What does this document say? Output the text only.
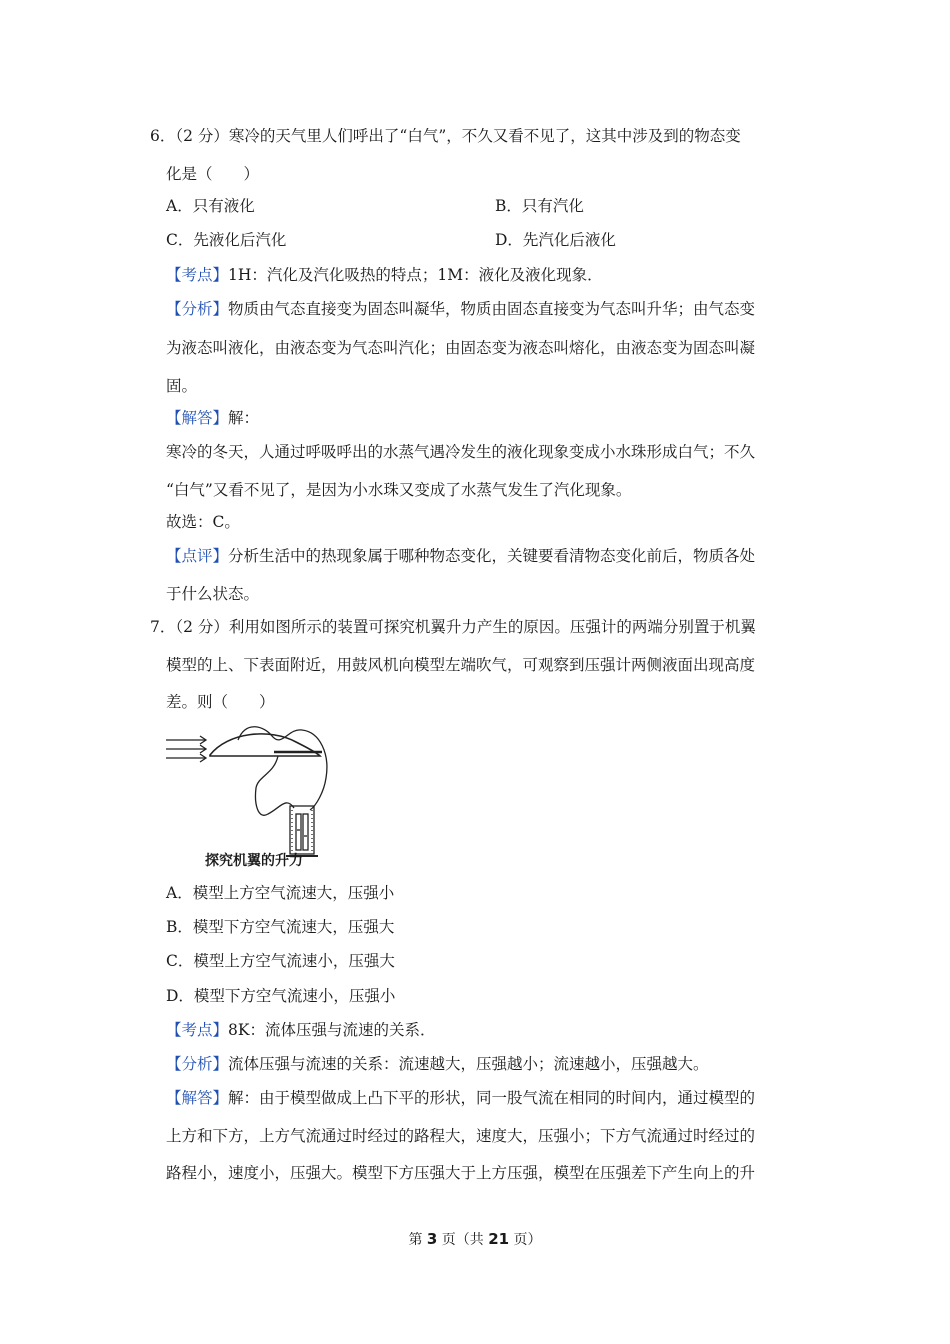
6．（2 分）寒冷的天气里人们呼出了“白气”，不久又看不见了，这其中涉及到的物态变
化是（　　）
A．只有液化	B．只有汽化
C．先液化后汽化	D．先汽化后液化
【考点】1H：汽化及汽化吸热的特点；1M：液化及液化现象．
【分析】物质由气态直接变为固态叫凝华，物质由固态直接变为气态叫升华；由气态变
为液态叫液化，由液态变为气态叫汽化；由固态变为液态叫熔化，由液态变为固态叫凝
固。
【解答】解：
寒冷的冬天，人通过呼吸呼出的水蒸气遇冷发生的液化现象变成小水珠形成白气；不久
“白气”又看不见了，是因为小水珠又变成了水蒸气发生了汽化现象。
故选：C。
【点评】分析生活中的热现象属于哪种物态变化，关键要看清物态变化前后，物质各处
于什么状态。
7．（2 分）利用如图所示的装置可探究机翼升力产生的原因。压强计的两端分别置于机翼
模型的上、下表面附近，用鼓风机向模型左端吹气，可观察到压强计两侧液面出现高度
差。则（　　）
探究机翼的升力
A．模型上方空气流速大，压强小
B．模型下方空气流速大，压强大
C．模型上方空气流速小，压强大
D．模型下方空气流速小，压强小
【考点】8K：流体压强与流速的关系．
【分析】流体压强与流速的关系：流速越大，压强越小；流速越小，压强越大。
【解答】解：由于模型做成上凸下平的形状，同一股气流在相同的时间内，通过模型的
上方和下方，上方气流通过时经过的路程大，速度大，压强小；下方气流通过时经过的
路程小，速度小，压强大。模型下方压强大于上方压强，模型在压强差下产生向上的升
第 3 页（共 21 页）
